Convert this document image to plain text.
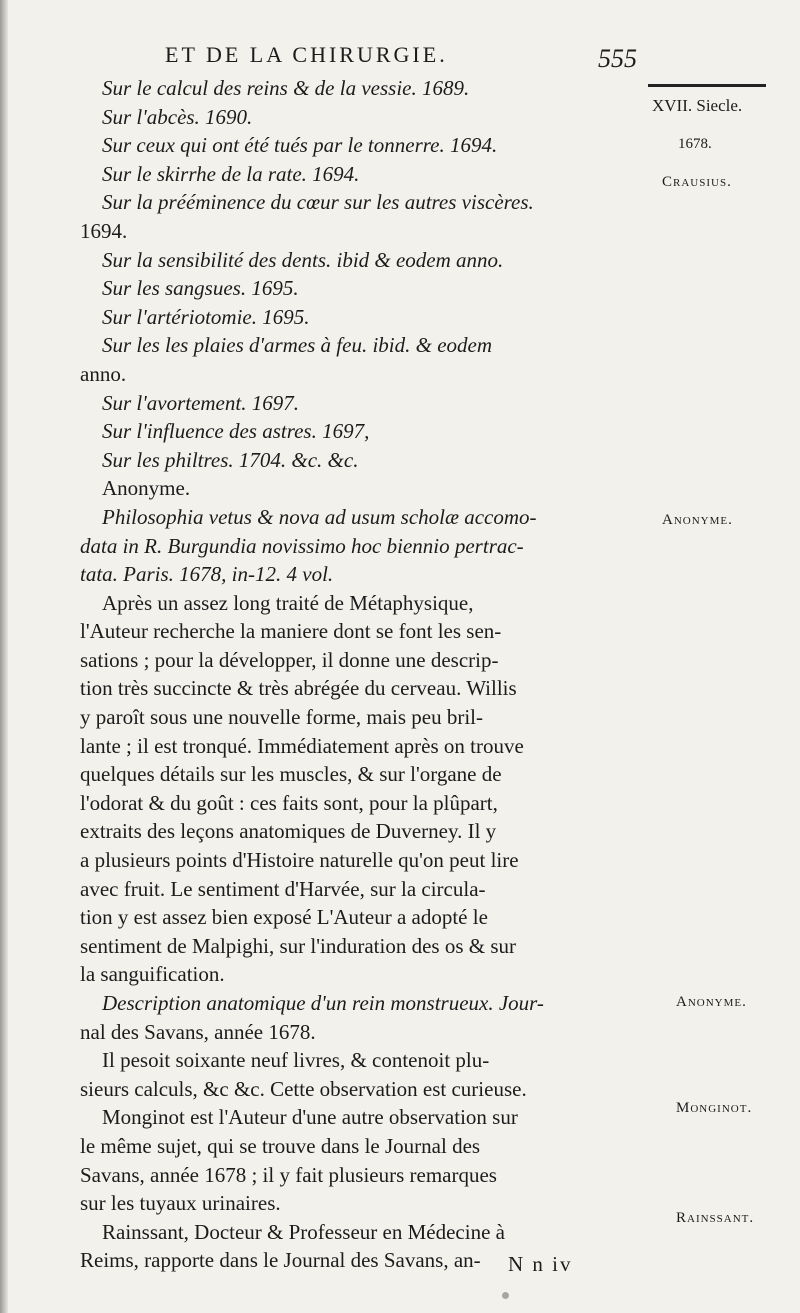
ET DE LA CHIRURGIE.	555
XVII. Siecle.
1678.
Crausius.
Anonyme.
Anonyme.
Monginot.
Rainssant.
Sur le calcul des reins & de la vessie. 1689.
Sur l'abcès. 1690.
Sur ceux qui ont été tués par le tonnerre. 1694.
Sur le skirrhe de la rate. 1694.
Sur la prééminence du cœur sur les autres viscères.
1694.
Sur la sensibilité des dents. ibid & eodem anno.
Sur les sangsues. 1695.
Sur l'artériotomie. 1695.
Sur les les plaies d'armes à feu. ibid. & eodem
anno.
Sur l'avortement. 1697.
Sur l'influence des astres. 1697,
Sur les philtres. 1704. &c. &c.
Anonyme.
Philosophia vetus & nova ad usum scholæ accomo-
data in R. Burgundia novissimo hoc biennio pertrac-
tata. Paris. 1678, in-12. 4 vol.
Après un assez long traité de Métaphysique,
l'Auteur recherche la maniere dont se font les sen-
sations ; pour la développer, il donne une descrip-
tion très succincte & très abrégée du cerveau. Willis
y paroît sous une nouvelle forme, mais peu bril-
lante ; il est tronqué. Immédiatement après on trouve
quelques détails sur les muscles, & sur l'organe de
l'odorat & du goût : ces faits sont, pour la plûpart,
extraits des leçons anatomiques de Duverney. Il y
a plusieurs points d'Histoire naturelle qu'on peut lire
avec fruit. Le sentiment d'Harvée, sur la circula-
tion y est assez bien exposé L'Auteur a adopté le
sentiment de Malpighi, sur l'induration des os & sur
la sanguification.
Description anatomique d'un rein monstrueux. Jour-
nal des Savans, année 1678.
Il pesoit soixante neuf livres, & contenoit plu-
sieurs calculs, &c &c. Cette observation est curieuse.
Monginot est l'Auteur d'une autre observation sur
le même sujet, qui se trouve dans le Journal des
Savans, année 1678 ; il y fait plusieurs remarques
sur les tuyaux urinaires.
Rainssant, Docteur & Professeur en Médecine à
Reims, rapporte dans le Journal des Savans, an-	N n iv
